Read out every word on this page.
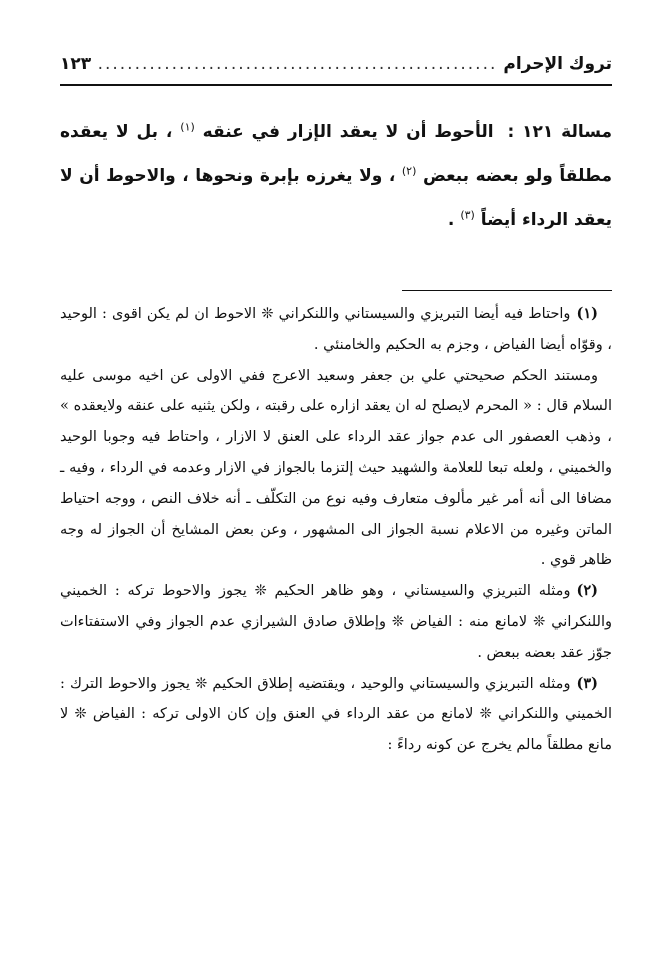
تروك الإحرام
.....
١٢٣
مسالة ١٢١ : الأحوط أن لا يعقد الإزار في عنقه $^{(١)}$ ، بل لا يعقده مطلقاً ولو بعضه ببعض $^{(٢)}$ ، ولا يغرزه بإبرة ونحوها ، والاحوط أن لا يعقد الرداء أيضاً $^{(٣)}$ .

(١)واحتاط فيه أيضا التبريزي والسيستاني واللنكراني ❊ الاحوط ان لم يكن اقوى : الوحيد ، وقوّاه أيضا الفياض ، وجزم به الحكيم والخامنئي .

ومستند الحكم صحيحتي علي بن جعفر وسعيد الاعرج ففي الاولى عن اخيه موسى عليه السلام قال : « المحرم لايصلح له ان يعقد ازاره على رقبته ، ولكن يثنيه على عنقه ولايعقده » ، وذهب العصفور الى عدم جواز عقد الرداء على العنق لا الازار ، واحتاط فيه وجوبا الوحيد والخميني ، ولعله تبعا للعلامة والشهيد حيث إلتزما بالجواز في الازار وعدمه في الرداء ، وفيه ـ مضافا الى أنه أمر غير مألوف متعارف وفيه نوع من التكلّف ـ أنه خلاف النص ، ووجه احتياط الماتن وغيره من الاعلام نسبة الجواز الى المشهور ، وعن بعض المشايخ أن الجواز له وجه ظاهر قوي .

(٢)ومثله التبريزي والسيستاني ، وهو ظاهر الحكيم ❊ يجوز والاحوط تركه : الخميني واللنكراني ❊ لامانع منه : الفياض ❊ وإطلاق صادق الشيرازي عدم الجواز وفي الاستفتاءات جوّز عقد بعضه ببعض .

(٣)ومثله التبريزي والسيستاني والوحيد ، ويقتضيه إطلاق الحكيم ❊ يجوز والاحوط الترك : الخميني واللنكراني ❊ لامانع من عقد الرداء في العنق وإن كان الاولى تركه : الفياض ❊ لا مانع مطلقاً مالم يخرج عن كونه رداءً :
